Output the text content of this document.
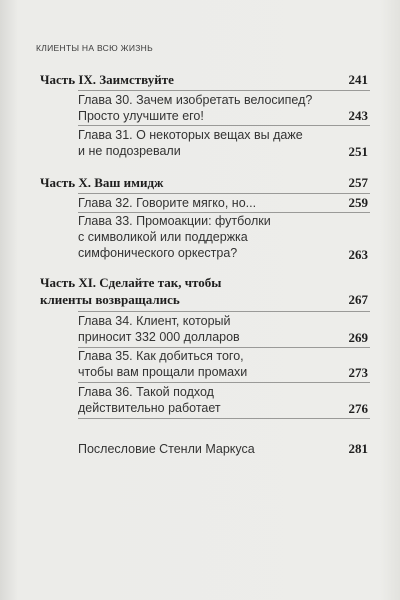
КЛИЕНТЫ НА ВСЮ ЖИЗНЬ
Часть IX. Заимствуйте	241
Глава 30. Зачем изобретать велосипед?
Просто улучшите его!	243
Глава 31. О некоторых вещах вы даже
и не подозревали	251
Часть X. Ваш имидж	257
Глава 32. Говорите мягко, но...	259
Глава 33. Промоакции: футболки
с символикой или поддержка
симфонического оркестра?	263
Часть XI. Сделайте так, чтобы
клиенты возвращались	267
Глава 34. Клиент, который
приносит 332 000 долларов	269
Глава 35. Как добиться того,
чтобы вам прощали промахи	273
Глава 36. Такой подход
действительно работает	276
Послесловие Стенли Маркуса	281
